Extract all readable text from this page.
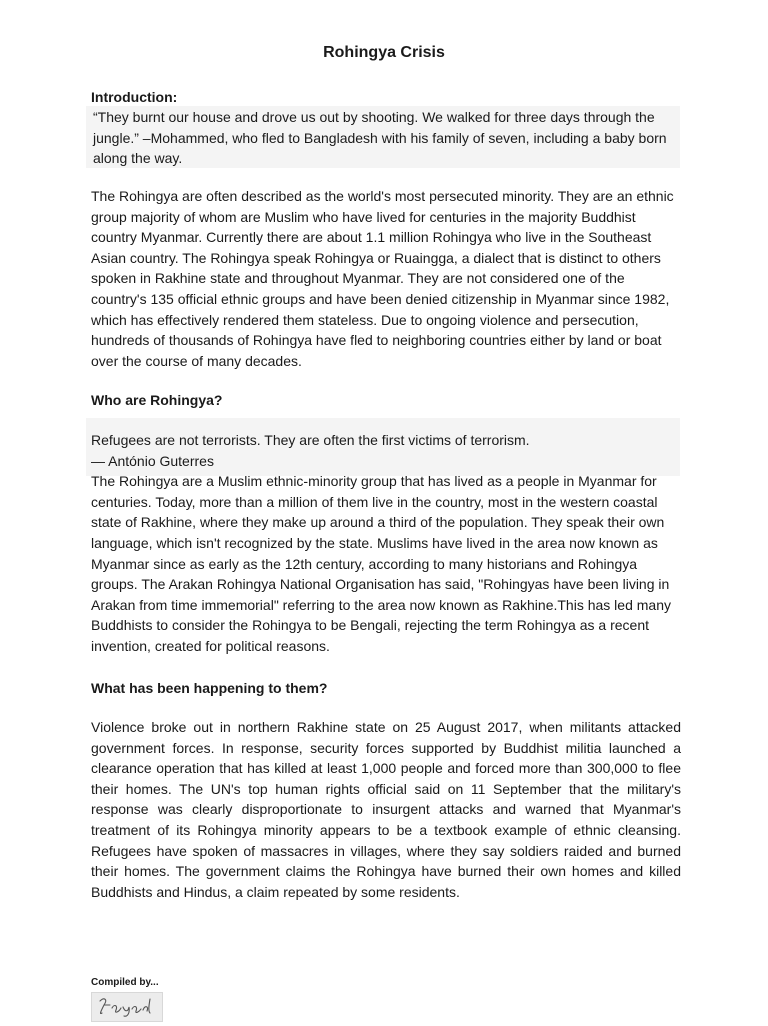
Rohingya Crisis
Introduction:

“They burnt our house and drove us out by shooting. We walked for three days through the jungle.” –Mohammed, who fled to Bangladesh with his family of seven, including a baby born along the way.

The Rohingya are often described as the world's most persecuted minority. They are an ethnic group majority of whom are Muslim who have lived for centuries in the majority Buddhist country Myanmar. Currently there are about 1.1 million Rohingya who live in the Southeast Asian country. The Rohingya speak Rohingya or Ruaingga, a dialect that is distinct to others spoken in Rakhine state and throughout Myanmar. They are not considered one of the country's 135 official ethnic groups and have been denied citizenship in Myanmar since 1982, which has effectively rendered them stateless. Due to ongoing violence and persecution, hundreds of thousands of Rohingya have fled to neighboring countries either by land or boat over the course of many decades.

Who are Rohingya?

Refugees are not terrorists. They are often the first victims of terrorism.

— António Guterres

The Rohingya are a Muslim ethnic-minority group that has lived as a people in Myanmar for centuries. Today, more than a million of them live in the country, most in the western coastal state of Rakhine, where they make up around a third of the population. They speak their own language, which isn't recognized by the state. Muslims have lived in the area now known as Myanmar since as early as the 12th century, according to many historians and Rohingya groups. The Arakan Rohingya National Organisation has said, "Rohingyas have been living in Arakan from time immemorial" referring to the area now known as Rakhine.This has led many Buddhists to consider the Rohingya to be Bengali, rejecting the term Rohingya as a recent invention, created for political reasons.

What has been happening to them?

Violence broke out in northern Rakhine state on 25 August 2017, when militants attacked government forces. In response, security forces supported by Buddhist militia launched a clearance operation that has killed at least 1,000 people and forced more than 300,000 to flee their homes. The UN's top human rights official said on 11 September that the military's response was clearly disproportionate to insurgent attacks and warned that Myanmar's treatment of its Rohingya minority appears to be a textbook example of ethnic cleansing. Refugees have spoken of massacres in villages, where they say soldiers raided and burned their homes. The government claims the Rohingya have burned their own homes and killed Buddhists and Hindus, a claim repeated by some residents.

Compiled by...
